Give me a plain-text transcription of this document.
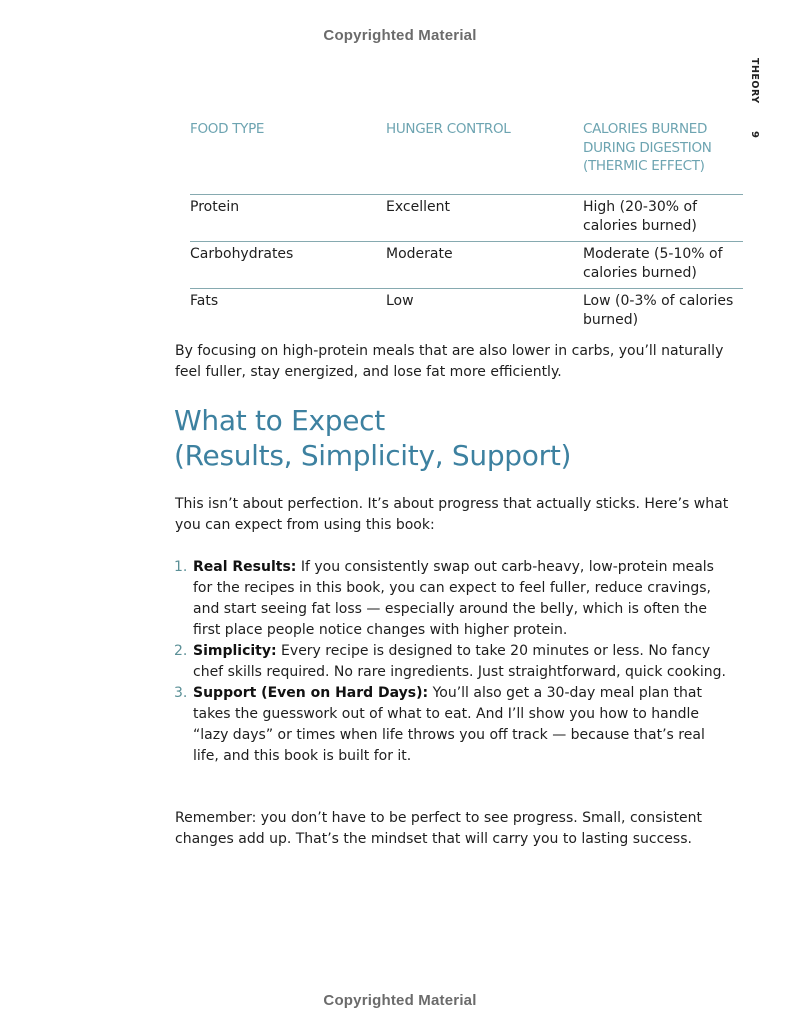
Copyrighted Material
THEORY
9
FOOD TYPE	HUNGER CONTROL	CALORIES BURNED DURING DIGESTION (THERMIC EFFECT)
Protein	Excellent	High (20-30% of calories burned)
Carbohydrates	Moderate	Moderate (5-10% of calories burned)
Fats	Low	Low (0-3% of calories burned)

By focusing on high-protein meals that are also lower in carbs, you’ll naturally feel fuller, stay energized, and lose fat more efficiently.

What to Expect
(Results, Simplicity, Support)

This isn’t about perfection. It’s about progress that actually sticks. Here’s what you can expect from using this book:

1. Real Results: If you consistently swap out carb-heavy, low-protein meals for the recipes in this book, you can expect to feel fuller, reduce cravings, and start seeing fat loss — especially around the belly, which is often the first place people notice changes with higher protein.
2. Simplicity: Every recipe is designed to take 20 minutes or less. No fancy chef skills required. No rare ingredients. Just straightforward, quick cooking.
3. Support (Even on Hard Days): You’ll also get a 30-day meal plan that takes the guesswork out of what to eat. And I’ll show you how to handle “lazy days” or times when life throws you off track — because that’s real life, and this book is built for it.

Remember: you don’t have to be perfect to see progress. Small, consistent changes add up. That’s the mindset that will carry you to lasting success.

Copyrighted Material
